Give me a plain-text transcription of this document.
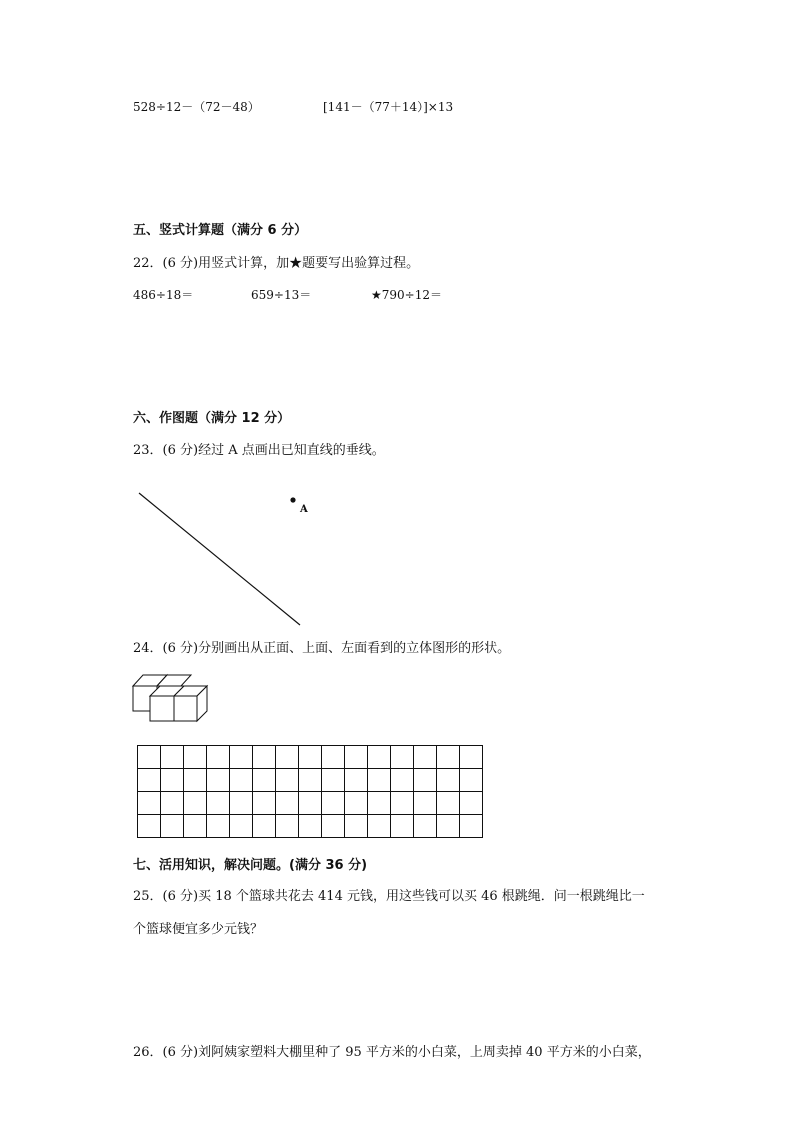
528÷12－（72－48）	[141－（77＋14）]×13
五、竖式计算题（满分 6 分）
22．(6 分)用竖式计算，加★题要写出验算过程。
486÷18＝	659÷13＝	★790÷12＝
六、作图题（满分 12 分）
23．(6 分)经过 A 点画出已知直线的垂线。
A
24．(6 分)分别画出从正面、上面、左面看到的立体图形的形状。

七、活用知识，解决问题。(满分 36 分)
25．(6 分)买 18 个篮球共花去 414 元钱，用这些钱可以买 46 根跳绳．问一根跳绳比一
个篮球便宜多少元钱？
26．(6 分)刘阿姨家塑料大棚里种了 95 平方米的小白菜，上周卖掉 40 平方米的小白菜，
